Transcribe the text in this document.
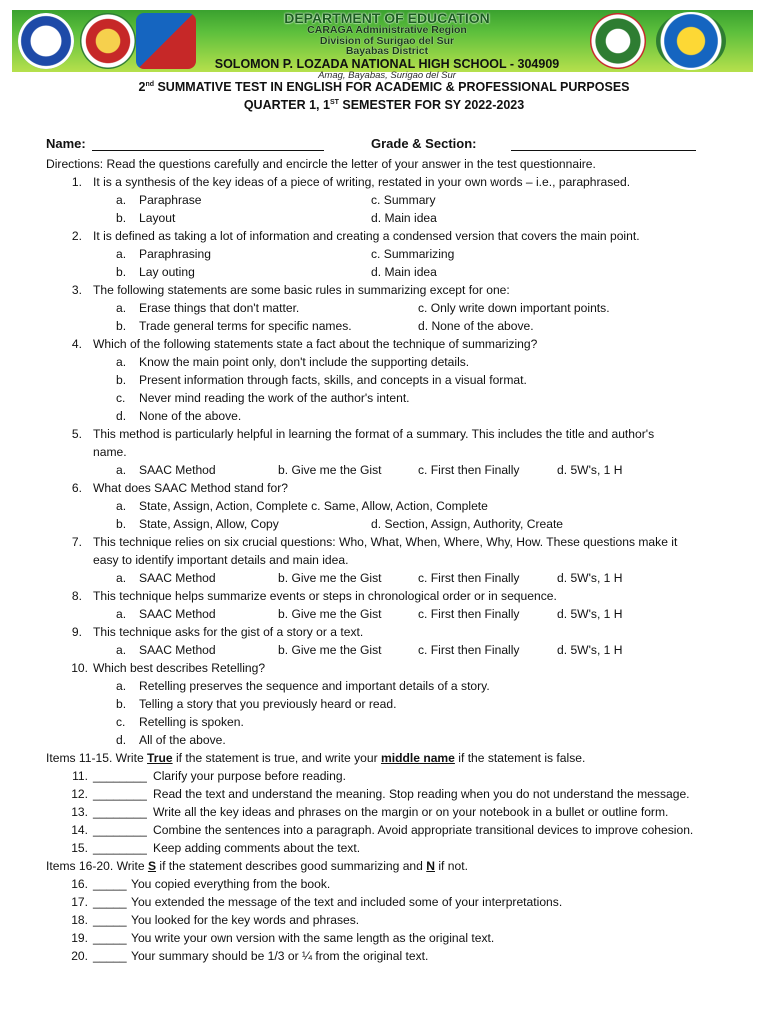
DEPARTMENT OF EDUCATION
CARAGA Administrative Region
Division of Surigao del Sur
Bayabas District
SOLOMON P. LOZADA NATIONAL HIGH SCHOOL - 304909
Amag, Bayabas, Surigao del Sur
2nd SUMMATIVE TEST IN ENGLISH FOR ACADEMIC & PROFESSIONAL PURPOSES
QUARTER 1, 1ST SEMESTER FOR SY 2022-2023
Name:	Grade & Section:
Directions: Read the questions carefully and encircle the letter of your answer in the test questionnaire.
1. It is a synthesis of the key ideas of a piece of writing, restated in your own words – i.e., paraphrased.
a. Paraphrase	c. Summary
b. Layout	d. Main idea
2. It is defined as taking a lot of information and creating a condensed version that covers the main point.
a. Paraphrasing	c. Summarizing
b. Lay outing	d. Main idea
3. The following statements are some basic rules in summarizing except for one:
a. Erase things that don't matter.	c. Only write down important points.
b. Trade general terms for specific names.	d. None of the above.
4. Which of the following statements state a fact about the technique of summarizing?
a. Know the main point only, don't include the supporting details.
b. Present information through facts, skills, and concepts in a visual format.
c. Never mind reading the work of the author's intent.
d. None of the above.
5. This method is particularly helpful in learning the format of a summary. This includes the title and author's
name.
a. SAAC Method	b. Give me the Gist	c. First then Finally	d. 5W's, 1 H
6. What does SAAC Method stand for?
a. State, Assign, Action, Complete c. Same, Allow, Action, Complete
b. State, Assign, Allow, Copy	d. Section, Assign, Authority, Create
7. This technique relies on six crucial questions: Who, What, When, Where, Why, How. These questions make it
easy to identify important details and main idea.
a. SAAC Method	b. Give me the Gist	c. First then Finally	d. 5W's, 1 H
8. This technique helps summarize events or steps in chronological order or in sequence.
a. SAAC Method	b. Give me the Gist	c. First then Finally	d. 5W's, 1 H
9. This technique asks for the gist of a story or a text.
a. SAAC Method	b. Give me the Gist	c. First then Finally	d. 5W's, 1 H
10. Which best describes Retelling?
a. Retelling preserves the sequence and important details of a story.
b. Telling a story that you previously heard or read.
c. Retelling is spoken.
d. All of the above.
Items 11-15. Write True if the statement is true, and write your middle name if the statement is false.
11. ________ Clarify your purpose before reading.
12. ________ Read the text and understand the meaning. Stop reading when you do not understand the message.
13. ________ Write all the key ideas and phrases on the margin or on your notebook in a bullet or outline form.
14. ________ Combine the sentences into a paragraph. Avoid appropriate transitional devices to improve cohesion.
15. ________ Keep adding comments about the text.
Items 16-20. Write S if the statement describes good summarizing and N if not.
16. _____ You copied everything from the book.
17. _____ You extended the message of the text and included some of your interpretations.
18. _____ You looked for the key words and phrases.
19. _____ You write your own version with the same length as the original text.
20. _____ Your summary should be 1/3 or ¼ from the original text.
